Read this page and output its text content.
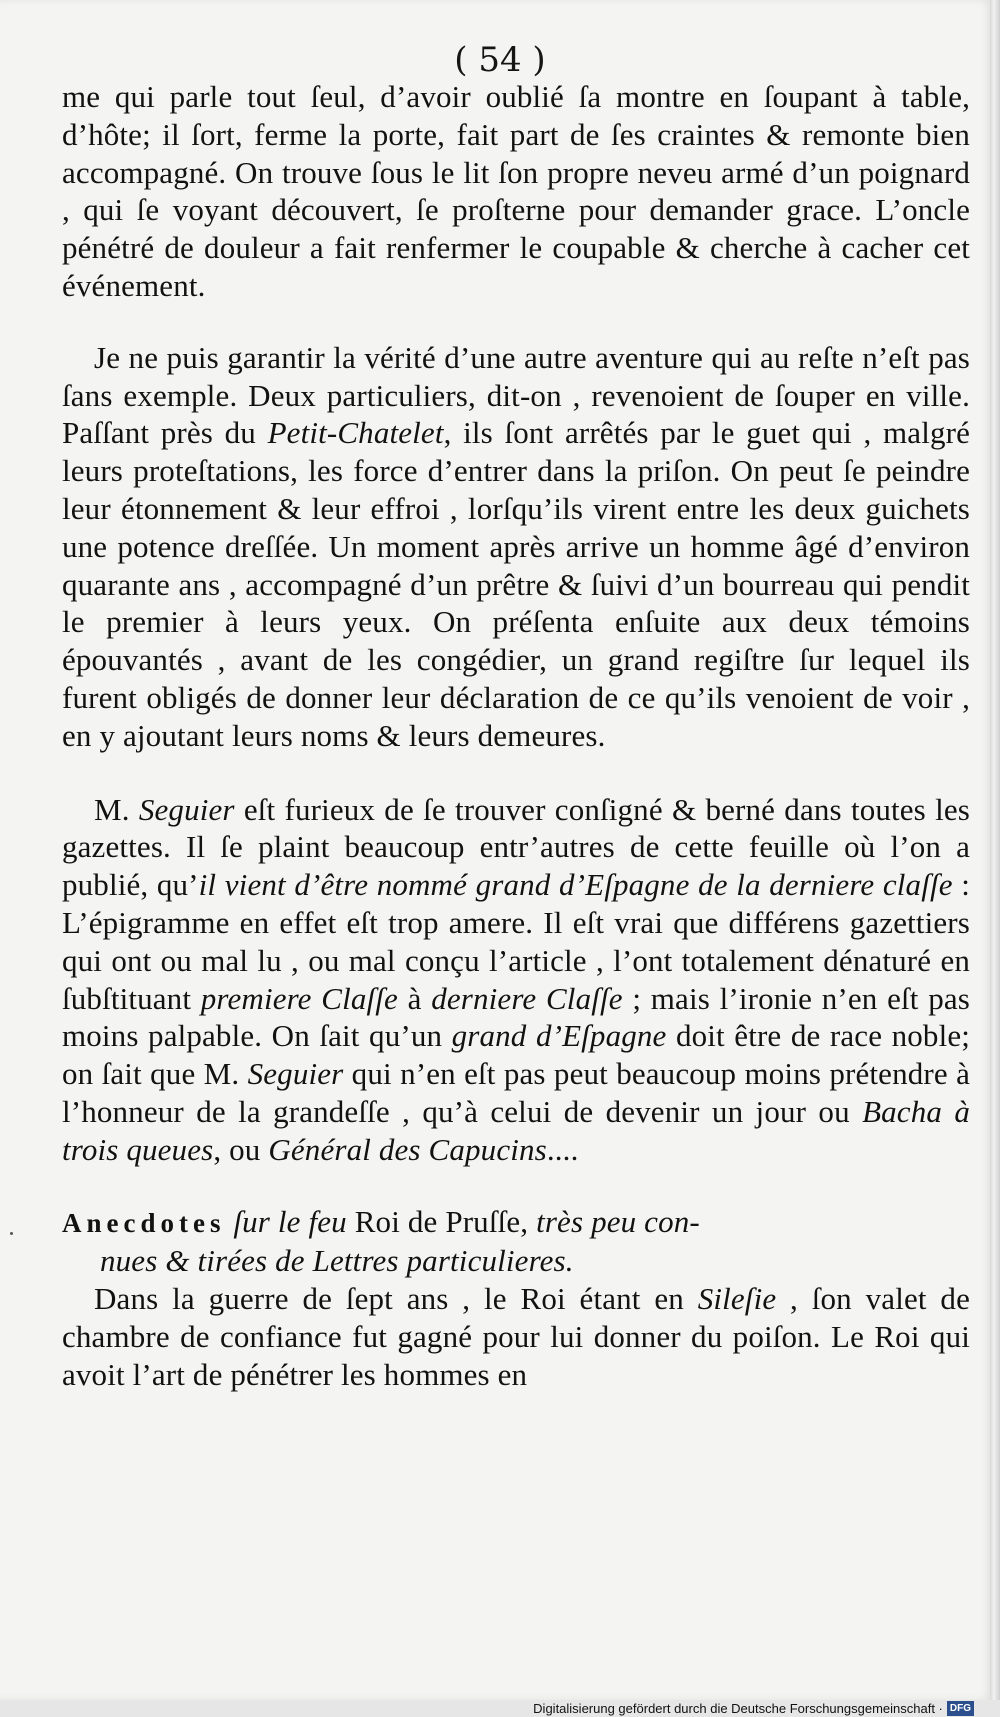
( 54 )

me qui parle tout ſeul, d’avoir oublié ſa montre en ſoupant à table, d’hôte; il ſort, ferme la porte, fait part de ſes craintes & remonte bien accompagné. On trouve ſous le lit ſon propre neveu armé d’un poignard , qui ſe voyant découvert, ſe proſterne pour demander grace. L’oncle pénétré de douleur a fait renfermer le coupable & cherche à cacher cet événement.

Je ne puis garantir la vérité d’une autre aventure qui au reſte n’eſt pas ſans exemple. Deux particuliers, dit-on , revenoient de ſouper en ville. Paſſant près du Petit-Chatelet, ils ſont arrêtés par le guet qui , malgré leurs proteſtations, les force d’entrer dans la priſon. On peut ſe peindre leur étonnement & leur effroi , lorſqu’ils virent entre les deux guichets une potence dreſſée. Un moment après arrive un homme âgé d’environ quarante ans , accompagné d’un prêtre & ſuivi d’un bourreau qui pendit le premier à leurs yeux. On préſenta enſuite aux deux témoins épouvantés , avant de les congédier, un grand regiſtre ſur lequel ils furent obligés de donner leur déclaration de ce qu’ils venoient de voir , en y ajoutant leurs noms & leurs demeures.

M. Seguier eſt furieux de ſe trouver conſigné & berné dans toutes les gazettes. Il ſe plaint beaucoup entr’autres de cette feuille où l’on a publié, qu’il vient d’être nommé grand d’Eſpagne de la derniere claſſe : L’épigramme en effet eſt trop amere. Il eſt vrai que différens gazettiers qui ont ou mal lu , ou mal conçu l’article , l’ont totalement dénaturé en ſubſtituant premiere Claſſe à derniere Claſſe ; mais l’ironie n’en eſt pas moins palpable. On ſait qu’un grand d’Eſpagne doit être de race noble; on ſait que M. Seguier qui n’en eſt pas peut beaucoup moins prétendre à l’honneur de la grandeſſe , qu’à celui de devenir un jour ou Bacha à trois queues, ou Général des Capucins....

Anecdotes ſur le feu Roi de Pruſſe, très peu con-
nues & tirées de Lettres particulieres.

Dans la guerre de ſept ans , le Roi étant en Sileſie , ſon valet de chambre de confiance fut gagné pour lui donner du poiſon. Le Roi qui avoit l’art de pénétrer les hommes en

Digitalisierung gefördert durch die Deutsche Forschungsgemeinschaft · DFG
